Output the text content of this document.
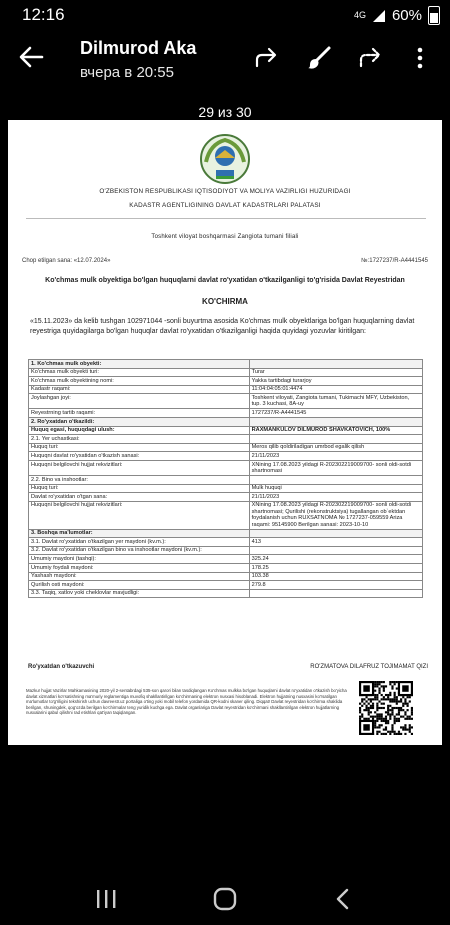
12:16	4G 60%
Dilmurod Aka
вчера в 20:55
29 из 30
O'ZBEKISTON RESPUBLIKASI IQTISODIYOT VA MOLIYA VAZIRLIGI HUZURIDAGI
KADASTR AGENTLIGINING DAVLAT KADASTRLARI PALATASI
Toshkent viloyat boshqarmasi Zangiota tumani filiali
Chop etilgan sana: «12.07.2024»	№:1727237/R-A4441545
Ko'chmas mulk obyektiga bo'lgan huquqlarni davlat ro'yxatidan o'tkazilganligi to'g'risida Davlat Reyestridan
KO'CHIRMA
«15.11.2023» da kelib tushgan 102971044 -sonli buyurtma asosida Ko'chmas mulk obyektlariga bo'lgan huquqlarning davlat reyestriga quyidagilarga bo'lgan huquqlar davlat ro'yxatidan o'tkazilganligi haqida quyidagi yozuvlar kiritilgan:
1. Ko'chmas mulk obyekti:	
Ko'chmas mulk obyekti turi:	Turar
Ko'chmas mulk obyektining nomi:	Yakka tartibdagi turarjoy
Kadastr raqami:	11:04:04:05:01:4474
Joylashgan joyi:	Toshkent viloyati, Zangiota tumani, Tukimachi MFY, Uzbekiston, tup. 3 kuchasi, 8A-uy
Reyestrning tartib raqami:	1727237/R-A4441545
2. Ro'yxatdan o'tkazildi:	
Huquq egasi, huquqdagi ulush:	RAXMANKULOV DILMUROD SHAVKATOVICH, 100%
2.1. Yer uchastkasi:	
Huquq turi:	Meros qilib qoldiriladigan umrbod egalik qilish
Huquqni davlat ro'yxatidan o'tkazish sanasi:	21/11/2023
Huquqni belgilovchi hujjat rekvizitlari:	XNining 17.08.2023 yildagi R-202302219009700- sonli oldi-sotdi shartnomasi
2.2. Bino va inshootlar:	
Huquq turi:	Mulk huquqi
Davlat ro'yxatidan o'tgan sana:	21/11/2023
Huquqni belgilovchi hujjat rekvizitlari:	XNining 17.08.2023 yildagi R-202302219009700- sonli oldi-sotdi shartnomasi; Qurilishi (rekonstruktsiya) tugallangan ob`ektdan foydalanish uchun RUXSATNOMA № 1727237-059559 Ariza raqami: 95145900 Berilgan sanasi: 2023-10-10
3. Boshqa ma'lumotlar:	
3.1. Davlat ro'yxatidan o'tkazilgan yer maydoni (kv.m.):	413
3.2. Davlat ro'yxatidan o'tkazilgan bino va inshootlar maydoni (kv.m.):	
Umumiy maydoni (tashqi):	325.24
Umumiy foydali maydoni:	178.25
Yashash maydoni:	103.38
Qurilish osti maydoni:	279.8
3.3. Taqiq, xatlov yoki cheklovlar mavjudligi:	
Ro'yxatdan o'tkazuvchi	RO'ZMATOVA DILAFRUZ TOJIMAMAT QIZI
Mazkur hujjat Vazirlar Mahkamasining 2020-yil 2-sentabrdagi 535-son qarori bilan tasdiqlangan Ko'chmas mulkka bo'lgan huquqlarni davlat ro'yxatidan o'tkazish bo'yicha davlat xizmatlari ko'rsatishning ma'muriy reglamentiga muvofiq shakllantirilgan ko'chirmaning elektron nusxasi hisoblanadi. Elektron hujjatning nusxasini ko'rsatilgan ma'lumotlar to'g'riligini tekshirish uchun davreestr.uz portaliga o'ting yoki mobil telefon yordamida QR-kodni skaner qiling. Diqqat! Davlat reyestridan ko'chirma shaklida berilgan, shuningdek, qog'ozda berilgan ko'chirmalar teng yuridik kuchga ega. Davlat organlariga Davlat reyestridan ko'chirmani shakllantirilgan elektron hujjatlarning nusxalarini qabul qilishni rad etishlari qat'iyan taqiqlangan.
